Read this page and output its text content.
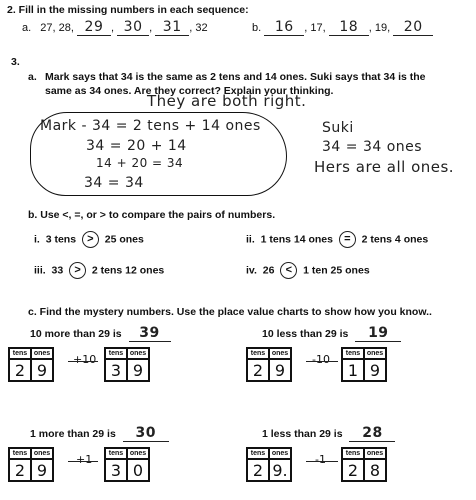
2. Fill in the missing numbers in each sequence:
a. 27, 28, 29 , 30 , 31 , 32	b. 16 , 17, 18 , 19, 20
3.
a. Mark says that 34 is the same as 2 tens and 14 ones. Suki says that 34 is the
same as 34 ones. Are they correct? Explain your thinking.
They are both right.
Mark - 34 = 2 tens + 14 ones
34 = 20 + 14
14 + 20 = 34
34 = 34
Suki
34 = 34 ones
Hers are all ones.
b. Use <, =, or > to compare the pairs of numbers.
i. 3 tens > 25 ones	ii. 1 tens 14 ones = 2 tens 4 ones
iii. 33 > 2 tens 12 ones	iv. 26 < 1 ten 25 ones
c. Find the mystery numbers. Use the place value charts to show how you know..
10 more than 29 is 39
tens	ones
2	9
+10 tens	ones
3	9
10 less than 29 is 19
tens	ones
2	9
-10 tens	ones
1	9
1 more than 29 is 30
tens	ones
2	9
+1 tens	ones
3	0
1 less than 29 is 28
tens	ones
2	9.
-1	tens	ones
2	8
